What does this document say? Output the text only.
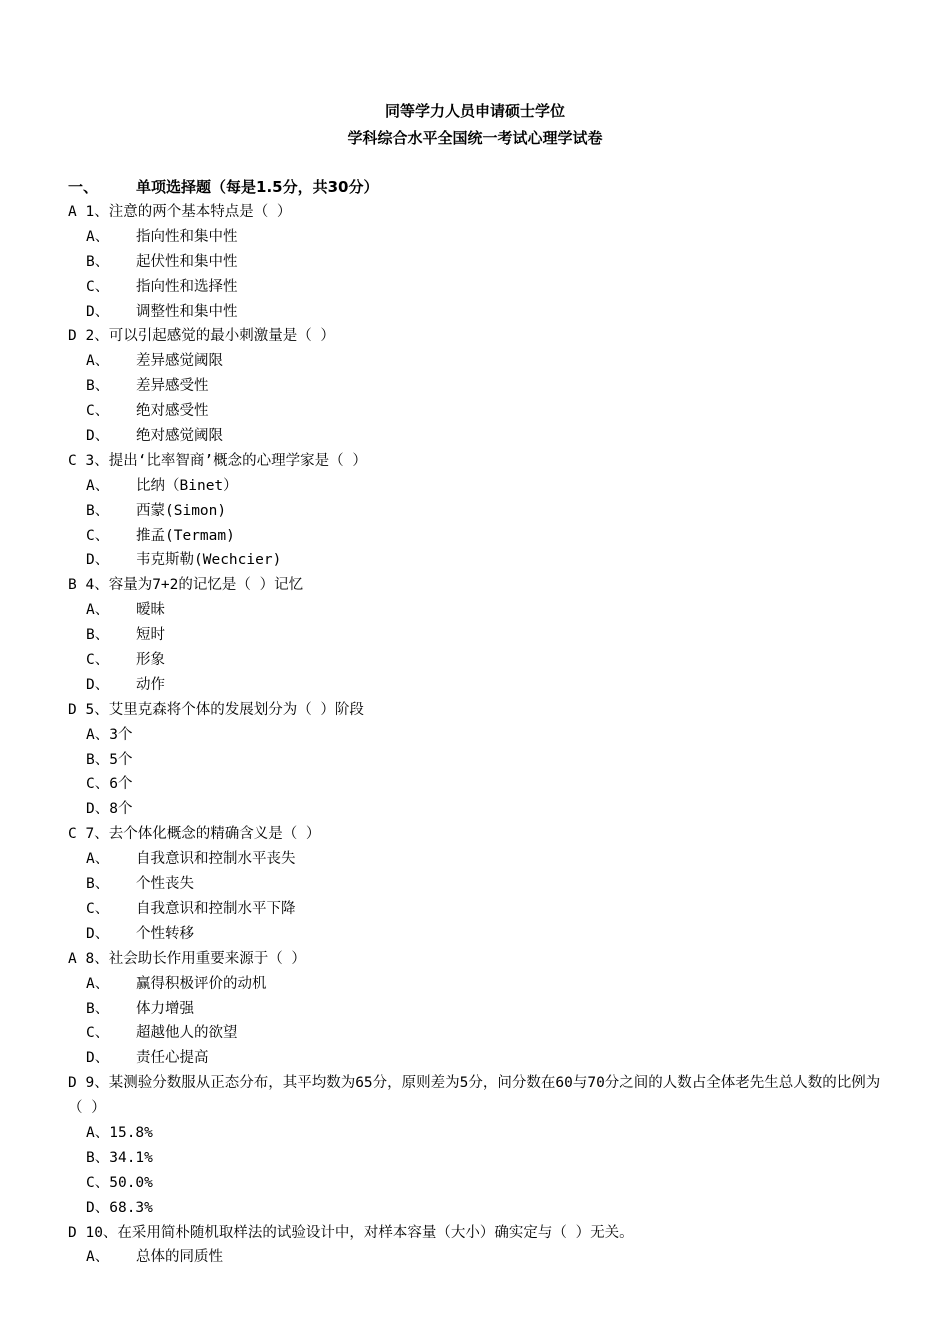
同等学力人员申请硕士学位
学科综合水平全国统一考试心理学试卷
一、	单项选择题（每是1.5分，共30分）
A 1、注意的两个基本特点是（ ）
A、 指向性和集中性
B、 起伏性和集中性
C、 指向性和选择性
D、 调整性和集中性
D 2、可以引起感觉的最小刺激量是（ ）
A、 差异感觉阈限
B、 差异感受性
C、 绝对感受性
D、 绝对感觉阈限
C 3、提出‘比率智商’概念的心理学家是（ ）
A、 比纳（Binet）
B、 西蒙(Simon)
C、 推孟(Termam)
D、 韦克斯勒(Wechcier)
B 4、容量为7+2的记忆是（ ）记忆
A、 暧昧
B、 短时
C、 形象
D、 动作
D 5、艾里克森将个体的发展划分为（ ）阶段
A、3个
B、5个
C、6个
D、8个
C 7、去个体化概念的精确含义是（ ）
A、 自我意识和控制水平丧失
B、 个性丧失
C、 自我意识和控制水平下降
D、 个性转移
A 8、社会助长作用重要来源于（ ）
A、 赢得积极评价的动机
B、 体力增强
C、 超越他人的欲望
D、 责任心提高
D 9、某测验分数服从正态分布，其平均数为65分，原则差为5分，问分数在60与70分之间的人数占全体老先生总人数的比例为（ ）
A、15.8%
B、34.1%
C、50.0%
D、68.3%
D 10、在采用简朴随机取样法的试验设计中，对样本容量（大小）确实定与（ ）无关。
A、 总体的同质性
